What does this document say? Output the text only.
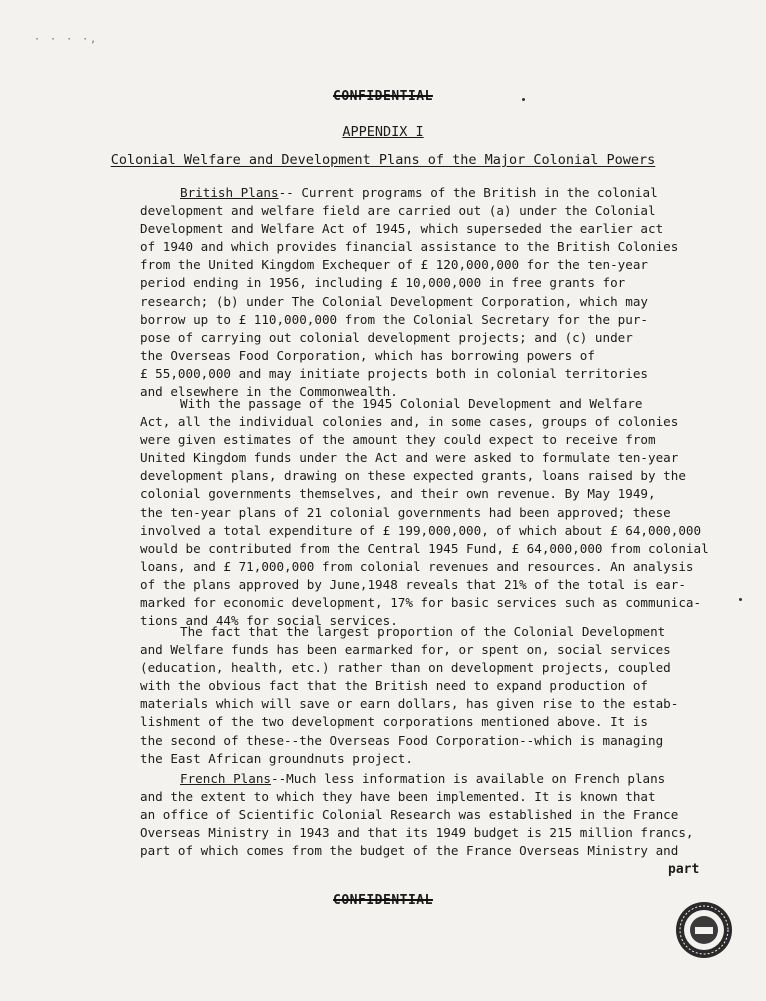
· · · ·,
CONFIDENTIAL
APPENDIX I
Colonial Welfare and Development Plans of the Major Colonial Powers

British Plans-- Current programs of the British in the colonial
development and welfare field are carried out (a) under the Colonial
Development and Welfare Act of 1945, which superseded the earlier act
of 1940 and which provides financial assistance to the British Colonies
from the United Kingdom Exchequer of £ 120,000,000 for the ten-year
period ending in 1956, including £ 10,000,000 in free grants for
research; (b) under The Colonial Development Corporation, which may
borrow up to £ 110,000,000 from the Colonial Secretary for the pur-
pose of carrying out colonial development projects; and (c) under
the Overseas Food Corporation, which has borrowing powers of
£ 55,000,000 and may initiate projects both in colonial territories
and elsewhere in the Commonwealth.

With the passage of the 1945 Colonial Development and Welfare
Act, all the individual colonies and, in some cases, groups of colonies
were given estimates of the amount they could expect to receive from
United Kingdom funds under the Act and were asked to formulate ten-year
development plans, drawing on these expected grants, loans raised by the
colonial governments themselves, and their own revenue. By May 1949,
the ten-year plans of 21 colonial governments had been approved; these
involved a total expenditure of £ 199,000,000, of which about £ 64,000,000
would be contributed from the Central 1945 Fund, £ 64,000,000 from colonial
loans, and £ 71,000,000 from colonial revenues and resources. An analysis
of the plans approved by June,1948 reveals that 21% of the total is ear-
marked for economic development, 17% for basic services such as communica-
tions and 44% for social services.

The fact that the largest proportion of the Colonial Development
and Welfare funds has been earmarked for, or spent on, social services
(education, health, etc.) rather than on development projects, coupled
with the obvious fact that the British need to expand production of
materials which will save or earn dollars, has given rise to the estab-
lishment of the two development corporations mentioned above. It is
the second of these--the Overseas Food Corporation--which is managing
the East African groundnuts project.

French Plans--Much less information is available on French plans
and the extent to which they have been implemented. It is known that
an office of Scientific Colonial Research was established in the France
Overseas Ministry in 1943 and that its 1949 budget is 215 million francs,
part of which comes from the budget of the France Overseas Ministry and

part
CONFIDENTIAL
